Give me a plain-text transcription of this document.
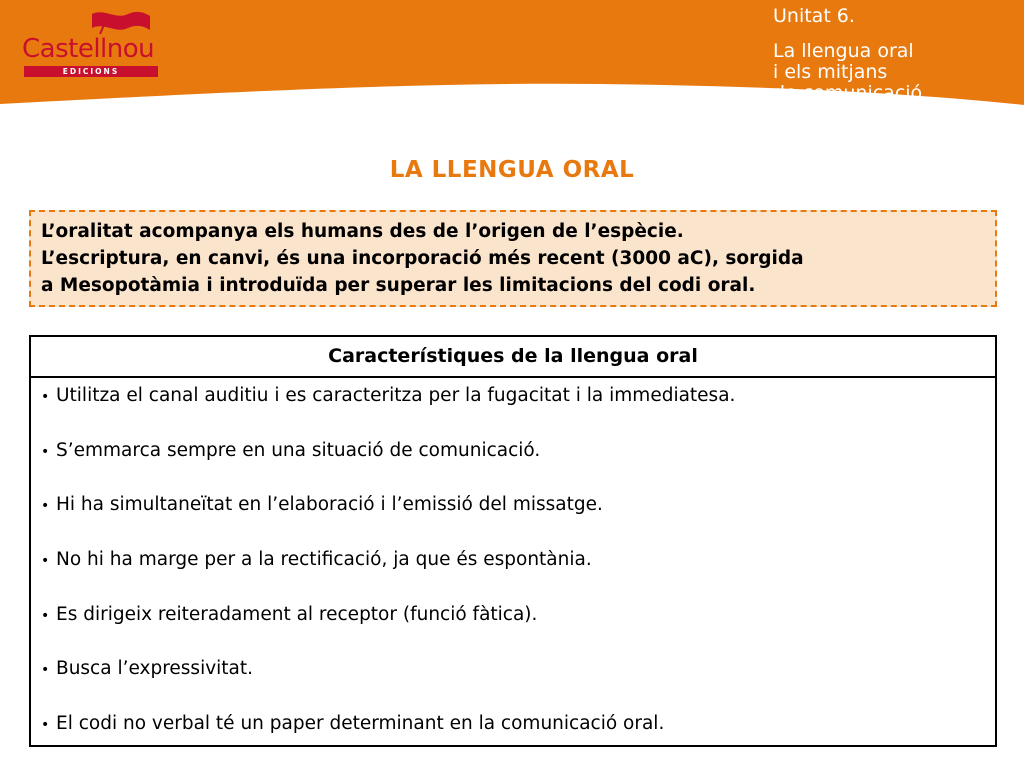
Castellnou
EDICIONS
Unitat 6.
La llengua oral
i els mitjans
de comunicació
LA LLENGUA ORAL

L’oralitat acompanya els humans des de l’origen de l’espècie.
L’escriptura, en canvi, és una incorporació més recent (3000 aC), sorgida
a Mesopotàmia i introduïda per superar les limitacions del codi oral.

Característiques de la llengua oral
• Utilitza el canal auditiu i es caracteritza per la fugacitat i la immediatesa.
• S’emmarca sempre en una situació de comunicació.
• Hi ha simultaneïtat en l’elaboració i l’emissió del missatge.
• No hi ha marge per a la rectificació, ja que és espontània.
• Es dirigeix reiteradament al receptor (funció fàtica).
• Busca l’expressivitat.
• El codi no verbal té un paper determinant en la comunicació oral.
